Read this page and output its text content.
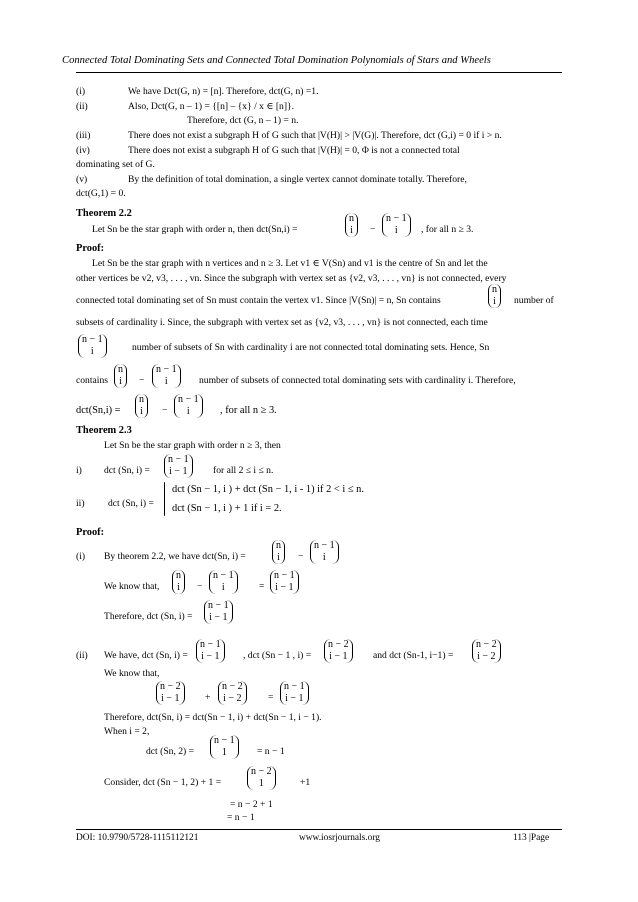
Connected Total Dominating Sets and Connected Total Domination Polynomials of Stars and Wheels
(i)	We have Dct(G, n) = [n]. Therefore, dct(G, n) =1.
(ii)	Also, Dct(G, n – 1) = {[n] – {x} / x ∈ [n]}.
Therefore, dct (G, n – 1) = n.
(iii)	There does not exist a subgraph H of G such that |V(H)| > |V(G)|. Therefore, dct (G,i) = 0 if i > n.
(iv)	There does not exist a subgraph H of G such that |V(H)| = 0, Φ is not a connected total
dominating set of G.
(v)	By the definition of total domination, a single vertex cannot dominate totally. Therefore,
dct(G,1) = 0.
Theorem 2.2
Let Sn be the star graph with order n, then dct(Sn,i) =
n
i −
n − 1
i	, for all n ≥ 3.
Proof:
Let Sn be the star graph with n vertices and n ≥ 3. Let v1 ∈ V(Sn) and v1 is the centre of Sn and let the
other vertices be v2, v3, . . . , vn. Since the subgraph with vertex set as {v2, v3, . . . , vn} is not connected, every
connected total dominating set of Sn must contain the vertex v1. Since |V(Sn)| = n, Sn contains
n
i number of
subsets of cardinality i. Since, the subgraph with vertex set as {v2, v3, . . . , vn} is not connected, each time
n − 1
i	number of subsets of Sn with cardinality i are not connected total dominating sets. Hence, Sn
contains
n
i −
n − 1
i	number of subsets of connected total dominating sets with cardinality i. Therefore,
dct(Sn,i) =
n
i −
n − 1
i	, for all n ≥ 3.
Theorem 2.3
Let Sn be the star graph with order n ≥ 3, then
i) dct (Sn, i) =
n − 1
i − 1	for all 2 ≤ i ≤ n.
ii) dct (Sn, i) =
dct (Sn − 1, i ) + dct (Sn − 1, i - 1) if 2 < i ≤ n.
dct (Sn − 1, i ) + 1 if i = 2.
Proof:
(i) By theorem 2.2, we have dct(Sn, i) =
n
i −
n − 1
i
We know that,
n
i −
n − 1
i	=
n − 1
i − 1
Therefore, dct (Sn, i) =
n − 1
i − 1
(ii) We have, dct (Sn, i) =
n − 1
i − 1 , dct (Sn − 1 , i) =
n − 2
i − 1	and dct (Sn-1, i−1) =
n − 2
i − 2
We know that,
n − 2
i − 1	+
n − 2
i − 2	=
n − 1
i − 1
Therefore, dct(Sn, i) = dct(Sn − 1, i) + dct(Sn − 1, i − 1).
When i = 2,
dct (Sn, 2) =
n − 1
1	= n − 1
Consider, dct (Sn − 1, 2) + 1 =
n − 2
1	+1
= n − 2 + 1
= n − 1
DOI: 10.9790/5728-1115112121	www.iosrjournals.org	113 |Page
